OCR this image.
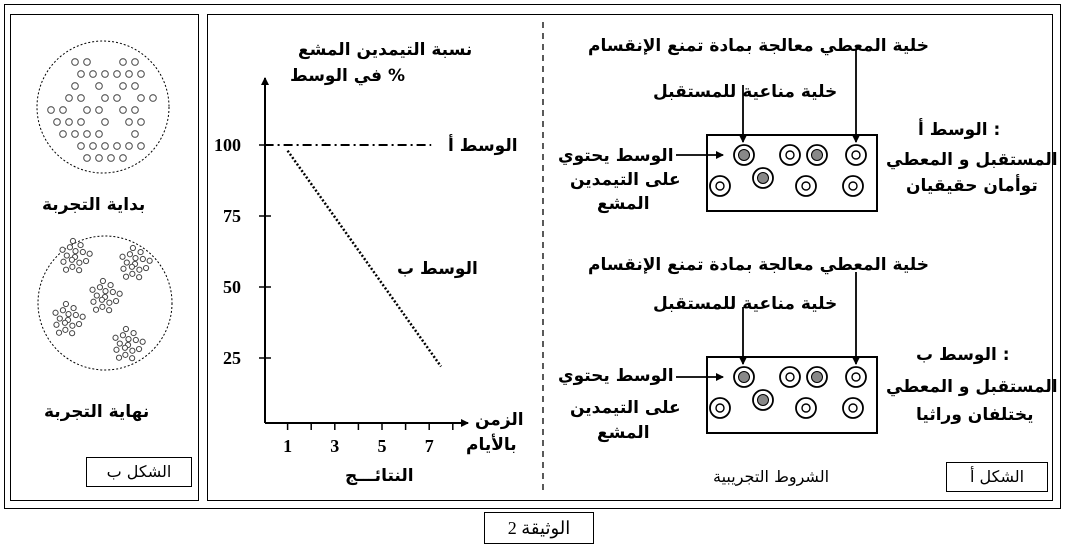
25
50
75
100
1 3 5 7
بداية التجربة
نهاية التجربة
الشكل ب
نسبة التيمدين المشع
في الوسط %
الزمن
بالأيام
الوسط أ
الوسط ب
النتائـــج
خلية المعطي معالجة بمادة تمنع الإنقسام
خلية مناعية للمستقبل
الوسط يحتوي
على التيمدين
المشع
الوسط أ :
المستقبل و المعطي
توأمان حقيقيان
خلية المعطي معالجة بمادة تمنع الإنقسام
خلية مناعية للمستقبل
الوسط يحتوي
على التيمدين
المشع
الوسط ب :
المستقبل و المعطي
يختلفان وراثيا
الشروط التجريبية	الشكل أ
الوثيقة 2
